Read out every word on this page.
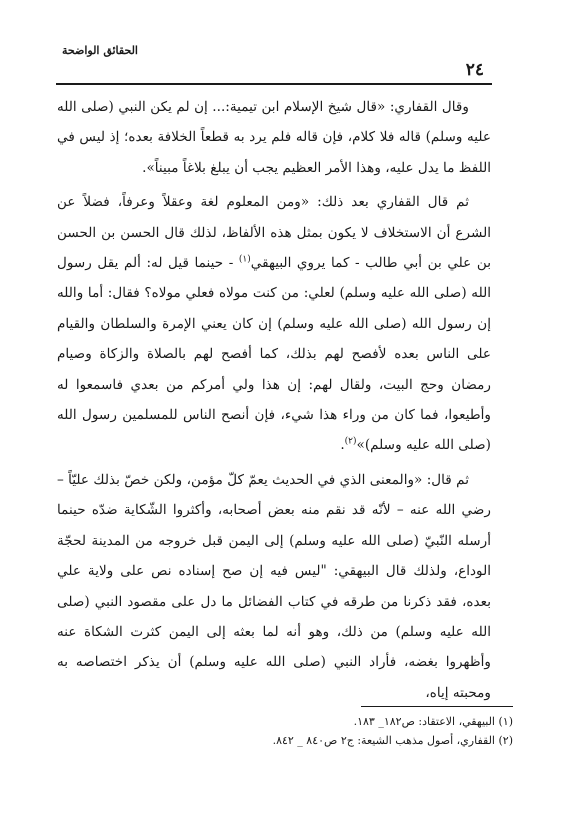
٢٤
الحقائق الواضحة

وقال القفاري: «قال شيخ الإسلام ابن تيمية:... إن لم يكن النبي (صلى الله عليه وسلم) قاله فلا كلام، فإن قاله فلم يرد به قطعاً الخلافة بعده؛ إذ ليس في اللفظ ما يدل عليه، وهذا الأمر العظيم يجب أن يبلغ بلاغاً مبيناً».

ثم قال القفاري بعد ذلك: «ومن المعلوم لغة وعقلاً وعرفاً، فضلاً عن الشرع أن الاستخلاف لا يكون بمثل هذه الألفاظ، لذلك قال الحسن بن الحسن بن علي بن أبي طالب - كما يروي البيهقي$^{(١)}$ - حينما قيل له: ألم يقل رسول الله (صلى الله عليه وسلم) لعلي: من كنت مولاه فعلي مولاه؟ فقال: أما والله إن رسول الله (صلى الله عليه وسلم) إن كان يعني الإمرة والسلطان والقيام على الناس بعده لأفصح لهم بذلك، كما أفصح لهم بالصلاة والزكاة وصيام رمضان وحج البيت، ولقال لهم: إن هذا ولي أمركم من بعدي فاسمعوا له وأطيعوا، فما كان من وراء هذا شيء، فإن أنصح الناس للمسلمين رسول الله (صلى الله عليه وسلم)»$^{(٢)}$.

ثم قال: «والمعنى الذي في الحديث يعمّ كلّ مؤمن، ولكن خصّ بذلك عليّاً – رضي الله عنه – لأنّه قد نقم منه بعض أصحابه، وأكثروا الشّكاية ضدّه حينما أرسله النّبيّ (صلى الله عليه وسلم) إلى اليمن قبل خروجه من المدينة لحجّة الوداع، ولذلك قال البيهقي: "ليس فيه إن صح إسناده نص على ولاية علي بعده، فقد ذكرنا من طرقه في كتاب الفضائل ما دل على مقصود النبي (صلى الله عليه وسلم) من ذلك، وهو أنه لما بعثه إلى اليمن كثرت الشكاة عنه وأظهروا بغضه، فأراد النبي (صلى الله عليه وسلم) أن يذكر اختصاصه به ومحبته إياه،

(١) البيهقي، الاعتقاد: ص١٨٢_ ١٨٣.
(٢) القفاري، أصول مذهب الشيعة: ج٢ ص٨٤٠ _ ٨٤٢.
